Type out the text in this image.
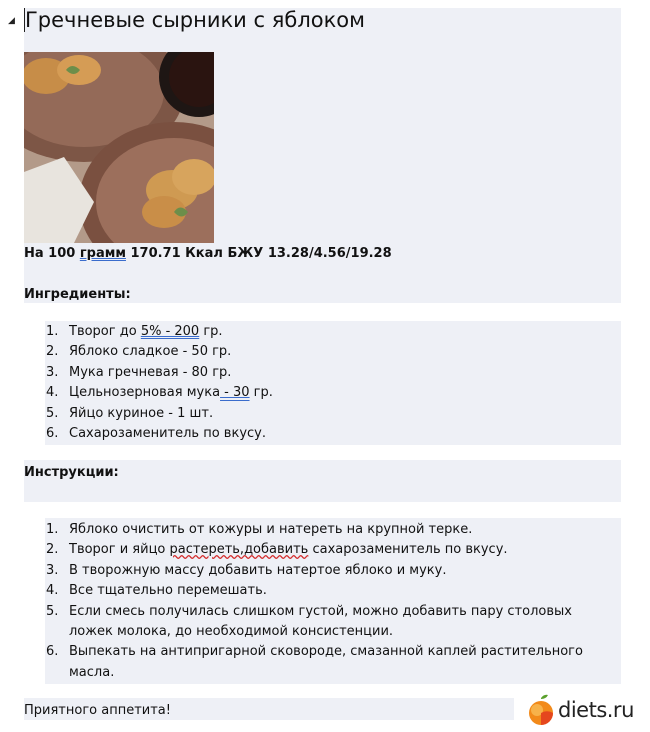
◢ Гречневые сырники с яблоком
На 100 грамм 170.71 Ккал БЖУ 13.28/4.56/19.28
Ингредиенты:
1. Творог до 5% - 200 гр.
2. Яблоко сладкое - 50 гр.
3. Мука гречневая - 80 гр.
4. Цельнозерновая мука - 30 гр.
5. Яйцо куриное - 1 шт.
6. Сахарозаменитель по вкусу.
Инструкции:
1. Яблоко очистить от кожуры и натереть на крупной терке.
2. Творог и яйцо растереть,добавить сахарозаменитель по вкусу.
3. В творожную массу добавить натертое яблоко и муку.
4. Все тщательно перемешать.
5. Если смесь получилась слишком густой, можно добавить пару столовых
ложек молока, до необходимой консистенции.
6. Выпекать на антипригарной сковороде, смазанной каплей растительного
масла.
Приятного аппетита!	diets.ru
